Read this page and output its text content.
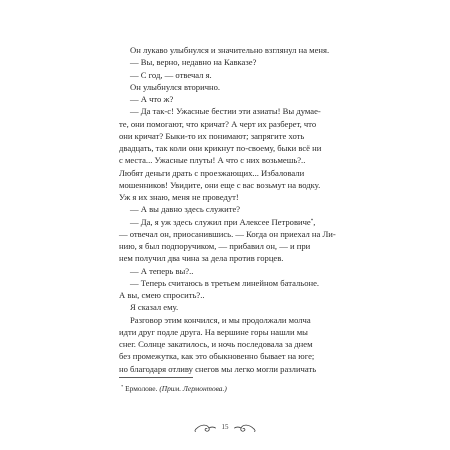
Он лукаво улыбнулся и значительно взглянул на меня.
— Вы, верно, недавно на Кавказе?
— С год, — отвечал я.
Он улыбнулся вторично.
— А что ж?
— Да так-с! Ужасные бестии эти азиаты! Вы думае-
те, они помогают, что кричат? А черт их разберет, что
они кричат? Быки-то их понимают; запрягите хоть
двадцать, так коли они крикнут по-своему, быки всё ни
с места... Ужасные плуты! А что с них возьмешь?..
Любят деньги драть с проезжающих... Избаловали
мошенников! Увидите, они еще с вас возьмут на водку.
Уж я их знаю, меня не проведут!
— А вы давно здесь служите?
— Да, я уж здесь служил при Алексее Петровиче*,
— отвечал он, приосанившись. — Когда он приехал на Ли-
нию, я был подпоручиком, — прибавил он, — и при
нем получил два чина за дела против горцев.
— А теперь вы?..
— Теперь считаюсь в третьем линейном батальоне.
А вы, смею спросить?..
Я сказал ему.
Разговор этим кончился, и мы продолжали молча
идти друг подле друга. На вершине горы нашли мы
снег. Солнце закатилось, и ночь последовала за днем
без промежутка, как это обыкновенно бывает на юге;
но благодаря отливу снегов мы легко могли различать
* Ермолове. (Прим. Лермонтова.)
15
